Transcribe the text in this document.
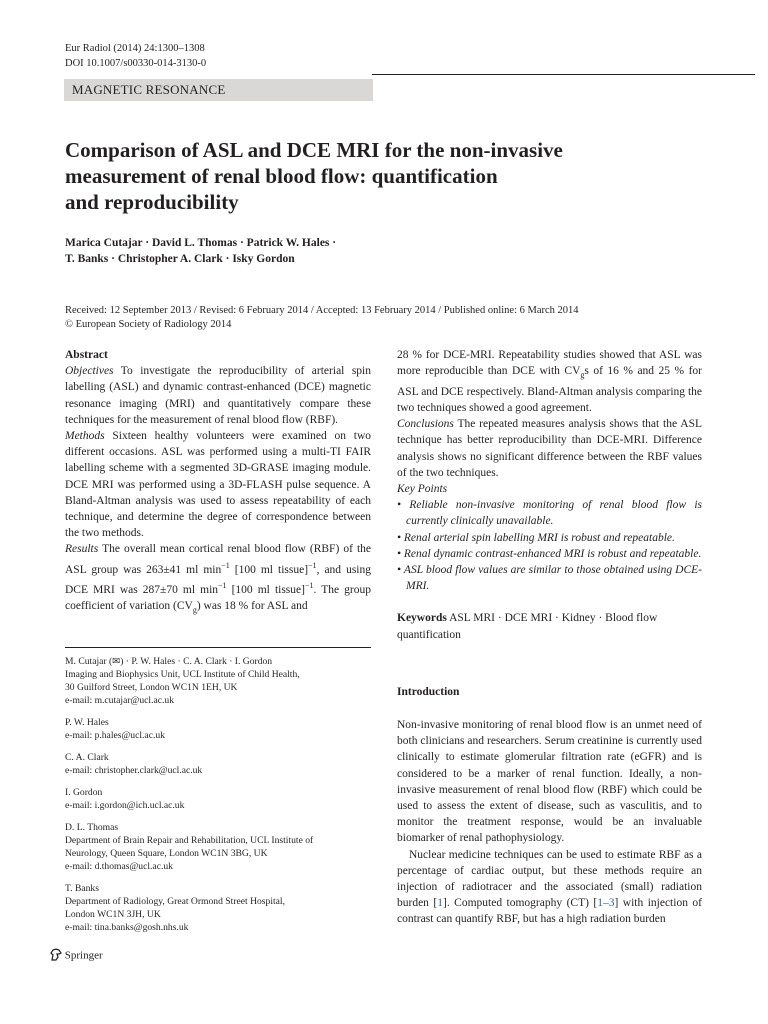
Eur Radiol (2014) 24:1300–1308
DOI 10.1007/s00330-014-3130-0
MAGNETIC RESONANCE
Comparison of ASL and DCE MRI for the non-invasive
measurement of renal blood flow: quantification
and reproducibility
Marica Cutajar · David L. Thomas · Patrick W. Hales ·
T. Banks · Christopher A. Clark · Isky Gordon
Received: 12 September 2013 / Revised: 6 February 2014 / Accepted: 13 February 2014 / Published online: 6 March 2014
© European Society of Radiology 2014

Abstract

Objectives To investigate the reproducibility of arterial spin labelling (ASL) and dynamic contrast-enhanced (DCE) magnetic resonance imaging (MRI) and quantitatively compare these techniques for the measurement of renal blood flow (RBF).

Methods Sixteen healthy volunteers were examined on two different occasions. ASL was performed using a multi-TI FAIR labelling scheme with a segmented 3D-GRASE imaging module. DCE MRI was performed using a 3D-FLASH pulse sequence. A Bland-Altman analysis was used to assess repeatability of each technique, and determine the degree of correspondence between the two methods.

Results The overall mean cortical renal blood flow (RBF) of the ASL group was 263±41 ml $\min^{-1} [100$ ml tissue]$^{-1}$, and using DCE MRI was 287±70 ml $\min^{-1} [100$ ml tissue]$^{-1}$. The group coefficient of variation $(CV_g)$ was 18 % for ASL and

M. Cutajar (✉) · P. W. Hales · C. A. Clark · I. Gordon
Imaging and Biophysics Unit, UCL Institute of Child Health,
30 Guilford Street, London WC1N 1EH, UK
e-mail: m.cutajar@ucl.ac.uk
P. W. Hales
e-mail: p.hales@ucl.ac.uk
C. A. Clark
e-mail: christopher.clark@ucl.ac.uk
I. Gordon
e-mail: i.gordon@ich.ucl.ac.uk
D. L. Thomas
Department of Brain Repair and Rehabilitation, UCL Institute of
Neurology, Queen Square, London WC1N 3BG, UK
e-mail: d.thomas@ucl.ac.uk
T. Banks
Department of Radiology, Great Ormond Street Hospital,
London WC1N 3JH, UK
e-mail: tina.banks@gosh.nhs.uk

28 % for DCE-MRI. Repeatability studies showed that ASL was more reproducible than DCE with $CV_gs$ of 16 % and 25 % for ASL and DCE respectively. Bland-Altman analysis comparing the two techniques showed a good agreement.

Conclusions The repeated measures analysis shows that the ASL technique has better reproducibility than DCE-MRI. Difference analysis shows no significant difference between the RBF values of the two techniques.

Key Points

• Reliable non-invasive monitoring of renal blood flow is currently clinically unavailable.
• Renal arterial spin labelling MRI is robust and repeatable.
• Renal dynamic contrast-enhanced MRI is robust and repeatable.
• ASL blood flow values are similar to those obtained using DCE-MRI.

Keywords ASL MRI · DCE MRI · Kidney · Blood flow quantification

Introduction

Non-invasive monitoring of renal blood flow is an unmet need of both clinicians and researchers. Serum creatinine is currently used clinically to estimate glomerular filtration rate (eGFR) and is considered to be a marker of renal function. Ideally, a non-invasive measurement of renal blood flow (RBF) which could be used to assess the extent of disease, such as vasculitis, and to monitor the treatment response, would be an invaluable biomarker of renal pathophysiology.

Nuclear medicine techniques can be used to estimate RBF as a percentage of cardiac output, but these methods require an injection of radiotracer and the associated (small) radiation burden [1]. Computed tomography (CT) [1–3] with injection of contrast can quantify RBF, but has a high radiation burden

Springer
